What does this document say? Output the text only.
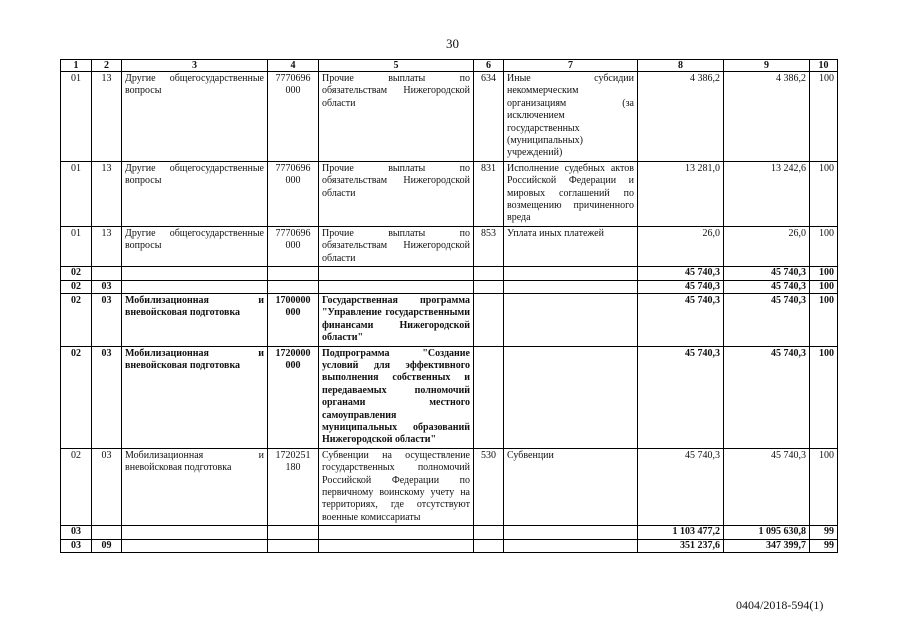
30
1	2	3	4	5	6	7	8	9	10
01	13	Другие общегосударственные вопросы	7770696 000	Прочие выплаты по обязательствам Нижегородской области	634	Иные субсидии некоммерческим организациям (за исключением государственных (муниципальных) учреждений)	4 386,2	4 386,2	100
01	13	Другие общегосударственные вопросы	7770696 000	Прочие выплаты по обязательствам Нижегородской области	831	Исполнение судебных актов Российской Федерации и мировых соглашений по возмещению причиненного вреда	13 281,0	13 242,6	100
01	13	Другие общегосударственные вопросы	7770696 000	Прочие выплаты по обязательствам Нижегородской области	853	Уплата иных платежей	26,0	26,0	100
02							45 740,3	45 740,3	100
02	03						45 740,3	45 740,3	100
02	03	Мобилизационная и вневойсковая подготовка	1700000 000	Государственная программа "Управление государственными финансами Нижегородской области"			45 740,3	45 740,3	100
02	03	Мобилизационная и вневойсковая подготовка	1720000 000	Подпрограмма "Создание условий для эффективного выполнения собственных и передаваемых полномочий органами местного самоуправления муниципальных образований Нижегородской области"			45 740,3	45 740,3	100
02	03	Мобилизационная и вневойсковая подготовка	1720251 180	Субвенции на осуществление государственных полномочий Российской Федерации по первичному воинскому учету на территориях, где отсутствуют военные комиссариаты	530	Субвенции	45 740,3	45 740,3	100
03							1 103 477,2	1 095 630,8	99
03	09						351 237,6	347 399,7	99
0404/2018-594(1)
